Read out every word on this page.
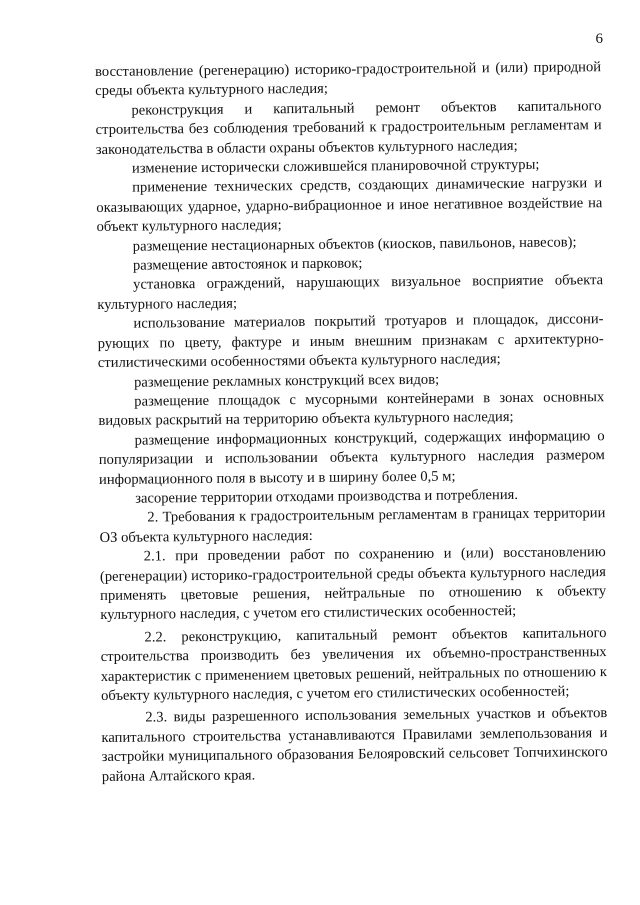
6

восстановление (регенерацию) историко-градостроительной и (или) природной среды объекта культурного наследия;

реконструкция и капитальный ремонт объектов капитального строительства без соблюдения требований к градостроительным регламентам и законодательства в области охраны объектов культурного наследия;

изменение исторически сложившейся планировочной структуры;

применение технических средств, создающих динамические нагрузки и оказывающих ударное, ударно-вибрационное и иное негативное воздействие на объект культурного наследия;

размещение нестационарных объектов (киосков, павильонов, навесов);

размещение автостоянок и парковок;

установка ограждений, нарушающих визуальное восприятие объекта культурного наследия;

использование материалов покрытий тротуаров и площадок, диссонирующих по цвету, фактуре и иным внешним признакам с архитектурно-стилистическими особенностями объекта культурного наследия;

размещение рекламных конструкций всех видов;

размещение площадок с мусорными контейнерами в зонах основных видовых раскрытий на территорию объекта культурного наследия;

размещение информационных конструкций, содержащих информацию о популяризации и использовании объекта культурного наследия размером информационного поля в высоту и в ширину более 0,5 м;

засорение территории отходами производства и потребления.

2. Требования к градостроительным регламентам в границах территории ОЗ объекта культурного наследия:

2.1. при проведении работ по сохранению и (или) восстановлению (регенерации) историко-градостроительной среды объекта культурного наследия применять цветовые решения, нейтральные по отношению к объекту культурного наследия, с учетом его стилистических особенностей;

2.2. реконструкцию, капитальный ремонт объектов капитального строительства производить без увеличения их объемно-пространственных характеристик с применением цветовых решений, нейтральных по отношению к объекту культурного наследия, с учетом его стилистических особенностей;

2.3. виды разрешенного использования земельных участков и объектов капитального строительства устанавливаются Правилами землепользования и застройки муниципального образования Белояровский сельсовет Топчихинского района Алтайского края.
